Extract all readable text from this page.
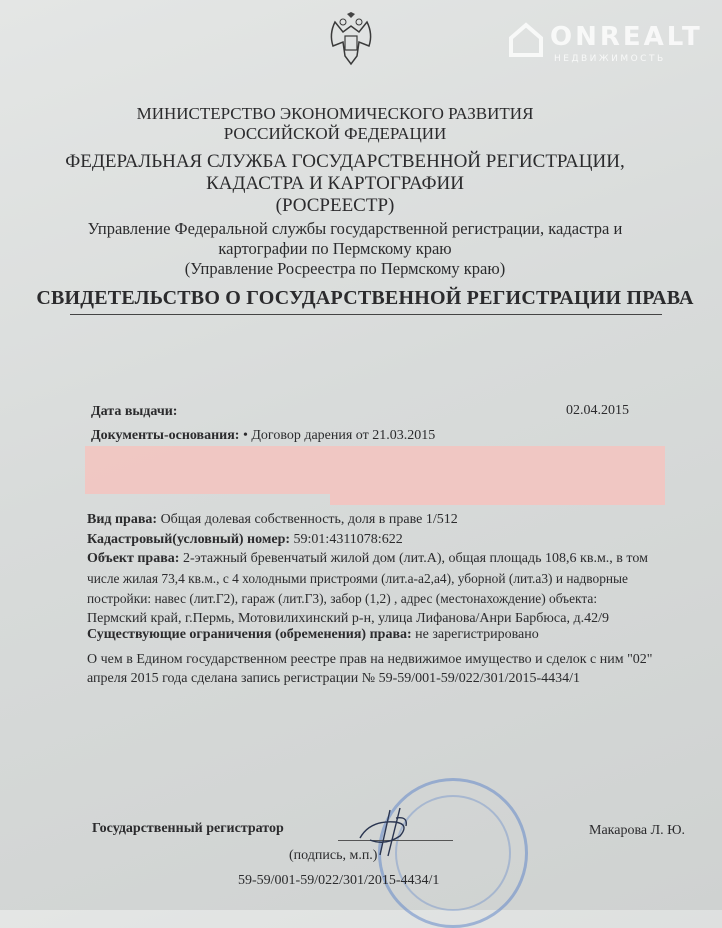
ONREALT
НЕДВИЖИМОСТЬ
МИНИСТЕРСТВО ЭКОНОМИЧЕСКОГО РАЗВИТИЯ
РОССИЙСКОЙ ФЕДЕРАЦИИ
ФЕДЕРАЛЬНАЯ СЛУЖБА ГОСУДАРСТВЕННОЙ РЕГИСТРАЦИИ,
КАДАСТРА И КАРТОГРАФИИ
(РОСРЕЕСТР)
Управление Федеральной службы государственной регистрации, кадастра и
картографии по Пермскому краю
(Управление Росреестра по Пермскому краю)
СВИДЕТЕЛЬСТВО О ГОСУДАРСТВЕННОЙ РЕГИСТРАЦИИ ПРАВА
Дата выдачи:	02.04.2015
Документы-основания: • Договор дарения от 21.03.2015
Вид права: Общая долевая собственность, доля в праве 1/512
Кадастровый(условный) номер: 59:01:4311078:622
Объект права: 2-этажный бревенчатый жилой дом (лит.А), общая площадь 108,6 кв.м., в том
числе жилая 73,4 кв.м., с 4 холодными пристроями (лит.а-а2,а4), уборной (лит.а3) и надворные
постройки: навес (лит.Г2), гараж (лит.Г3), забор (1,2) , адрес (местонахождение) объекта:
Пермский край, г.Пермь, Мотовилихинский р-н, улица Лифанова/Анри Барбюса, д.42/9
Существующие ограничения (обременения) права: не зарегистрировано
О чем в Едином государственном реестре прав на недвижимое имущество и сделок с ним "02"
апреля 2015 года сделана запись регистрации № 59-59/001-59/022/301/2015-4434/1
Государственный регистратор	Макарова Л. Ю.
(подпись, м.п.)
59-59/001-59/022/301/2015-4434/1
